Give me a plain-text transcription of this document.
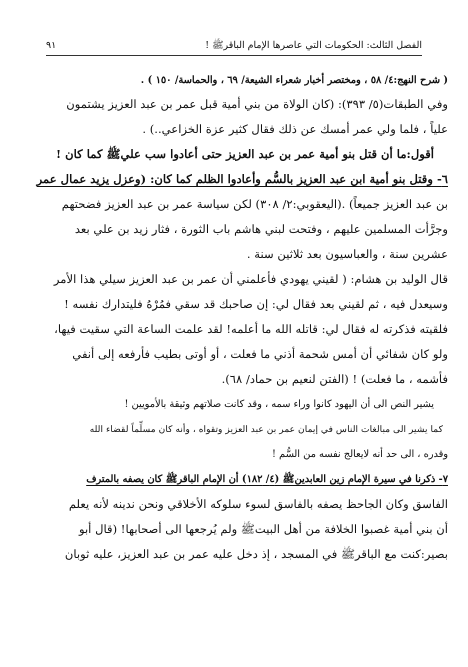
الفصل الثالث: الحكومات التي عاصرها الإمام الباقرﷺ !
٩١
( شرح النهج:٤/ ٥٨ ، ومختصر أخبار شعراء الشيعة/ ٦٩ ، والحماسة/ ١٥٠ ) .
وفي الطبقات(٥/ ٣٩٣): (كان الولاة من بني أمية قبل عمر بن عبد العزيز يشتمون
علياً ، فلما ولي عمر أمسك عن ذلك فقال كثير عزة الخزاعي..) .
أقول:ما أن قتل بنو أمية عمر بن عبد العزيز حتى أعادوا سب عليﷺ كما كان !
٦- وقتل بنو أمية ابن عبد العزيز بالسُّم وأعادوا الظلم كما كان: (وعزل يزيد عمال عمر
بن عبد العزيز جميعاً) .(اليعقوبي:٢/ ٣٠٨) لكن سياسة عمر بن عبد العزيز فضحتهم
وجرَّأت المسلمين عليهم ، وفتحت لبني هاشم باب الثورة ، فثار زيد بن علي بعد
عشرين سنة ، والعباسيون بعد ثلاثين سنة .
قال الوليد بن هشام: ( لقيني يهودي فأعلمني أن عمر بن عبد العزيز سيلي هذا الأمر
وسيعدل فيه ، ثم لقيني بعد فقال لي: إن صاحبك قد سقي فمُرْهُ فليتدارك نفسه !
فلقيته فذكرته له فقال لي: قاتله الله ما أعلمه! لقد علمت الساعة التي سقيت فيها،
ولو كان شفائي أن أمس شحمة أذني ما فعلت ، أو أوتى بطيب فأرفعه إلى أنفي
فأشمه ، ما فعلت) ! (الفتن لنعيم بن حماد/ ٦٨).
يشير النص الى أن اليهود كانوا وراء سمه ، وقد كانت صلاتهم وثيقة بالأمويين !
كما يشير الى مبالغات الناس في إيمان عمر بن عبد العزيز وتقواه ، وأنه كان مسلِّماً لقضاء الله
وقدره ، الى حد أنه لايعالج نفسه من السُّم !
٧- ذكرنا في سيرة الإمام زين العابدينﷺ (٤/ ١٨٢) أن الإمام الباقرﷺ كان يصفه بالمترف
الفاسق وكان الجاحظ يصفه بالفاسق لسوء سلوكه الأخلاقي ونحن ندينه لأنه يعلم
أن بني أمية غصبوا الخلافة من أهل البيتﷺ ولم يُرجعها الى أصحابها! (قال أبو
بصير:كنت مع الباقرﷺ في المسجد ، إذ دخل عليه عمر بن عبد العزيز، عليه ثوبان
